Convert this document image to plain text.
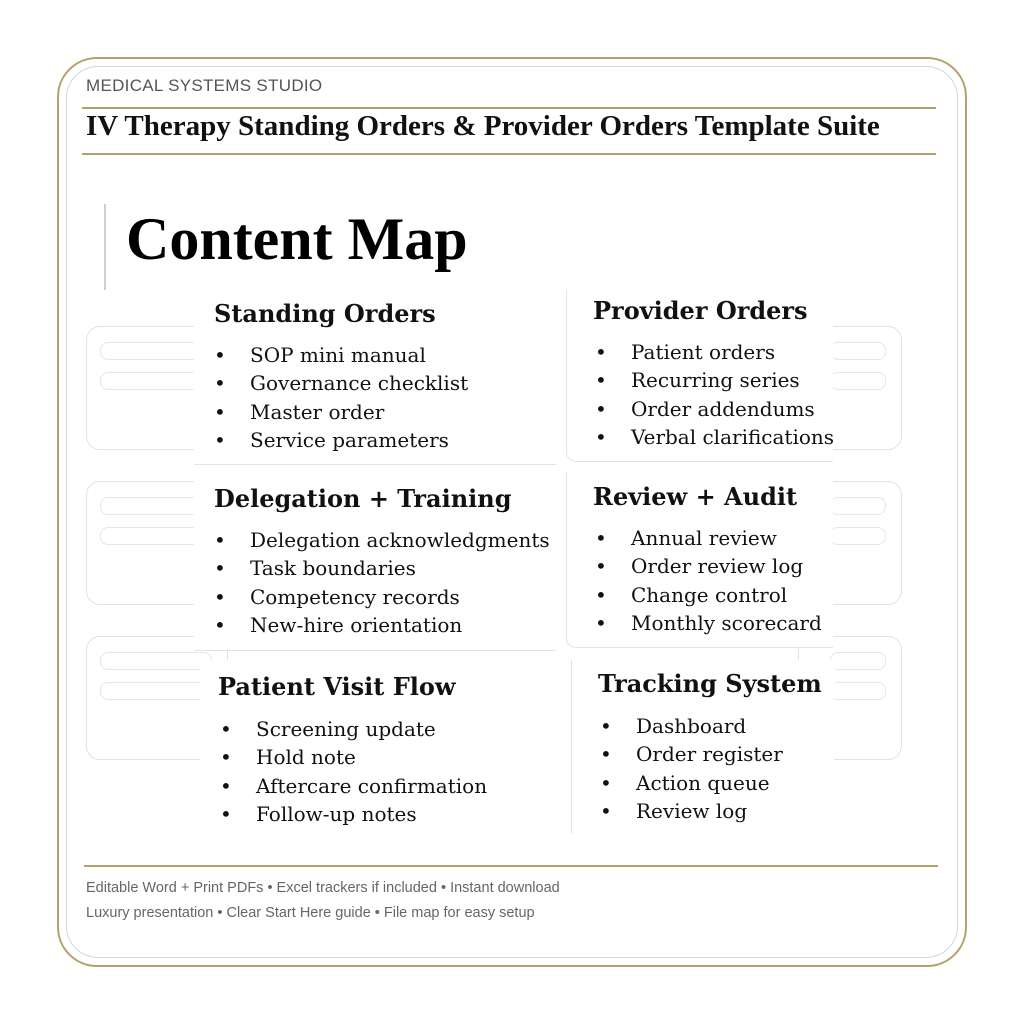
MEDICAL SYSTEMS STUDIO
IV Therapy Standing Orders & Provider Orders Template Suite
Content Map
Standing Orders
• SOP mini manual
• Governance checklist
• Master order
• Service parameters
Provider Orders
• Patient orders
• Recurring series
• Order addendums
• Verbal clarifications
Delegation + Training
• Delegation acknowledgments
• Task boundaries
• Competency records
• New-hire orientation
Review + Audit
• Annual review
• Order review log
• Change control
• Monthly scorecard
Patient Visit Flow
• Screening update
• Hold note
• Aftercare confirmation
• Follow-up notes
Tracking System
• Dashboard
• Order register
• Action queue
• Review log
Editable Word + Print PDFs • Excel trackers if included • Instant download
Luxury presentation • Clear Start Here guide • File map for easy setup
